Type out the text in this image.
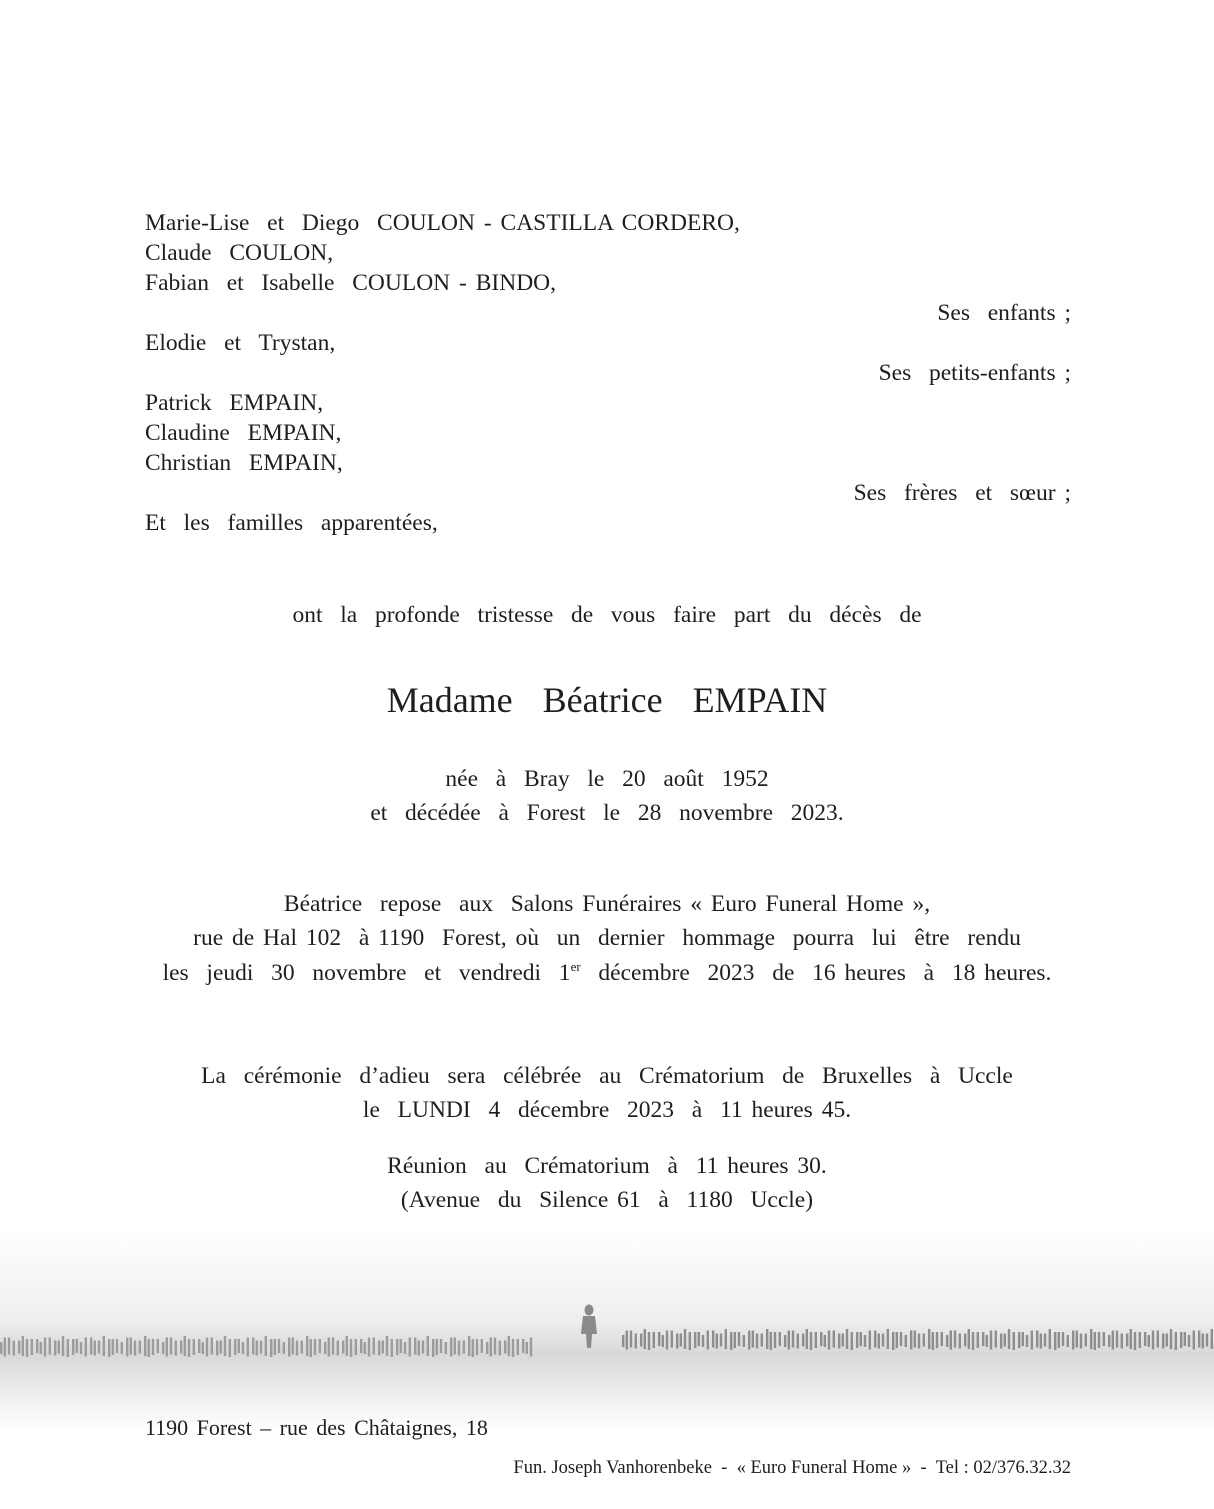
Marie-Lise  et  Diego  COULON - CASTILLA CORDERO,
Claude  COULON,
Fabian  et  Isabelle  COULON - BINDO,
Ses  enfants ;
Elodie  et  Trystan,
Ses  petits-enfants ;
Patrick  EMPAIN,
Claudine  EMPAIN,
Christian  EMPAIN,
Ses  frères  et  sœur ;
Et  les  familles  apparentées,
ont  la  profonde  tristesse  de  vous  faire  part  du  décès  de
Madame  Béatrice  EMPAIN
née  à  Bray  le  20  août  1952
et  décédée  à  Forest  le  28  novembre  2023.
Béatrice  repose  aux  Salons Funéraires « Euro Funeral Home »,
rue de Hal 102  à 1190  Forest, où  un  dernier  hommage  pourra  lui  être  rendu
les  jeudi  30  novembre  et  vendredi  1er  décembre  2023  de  16 heures  à  18 heures.
La  cérémonie  d’adieu  sera  célébrée  au  Crématorium  de  Bruxelles  à  Uccle
le  LUNDI  4  décembre  2023  à  11 heures 45.
Réunion  au  Crématorium  à  11 heures 30.
(Avenue  du  Silence 61  à  1180  Uccle)
1190 Forest – rue des Châtaignes, 18
Fun. Joseph Vanhorenbeke  -  « Euro Funeral Home »  -  Tel : 02/376.32.32
